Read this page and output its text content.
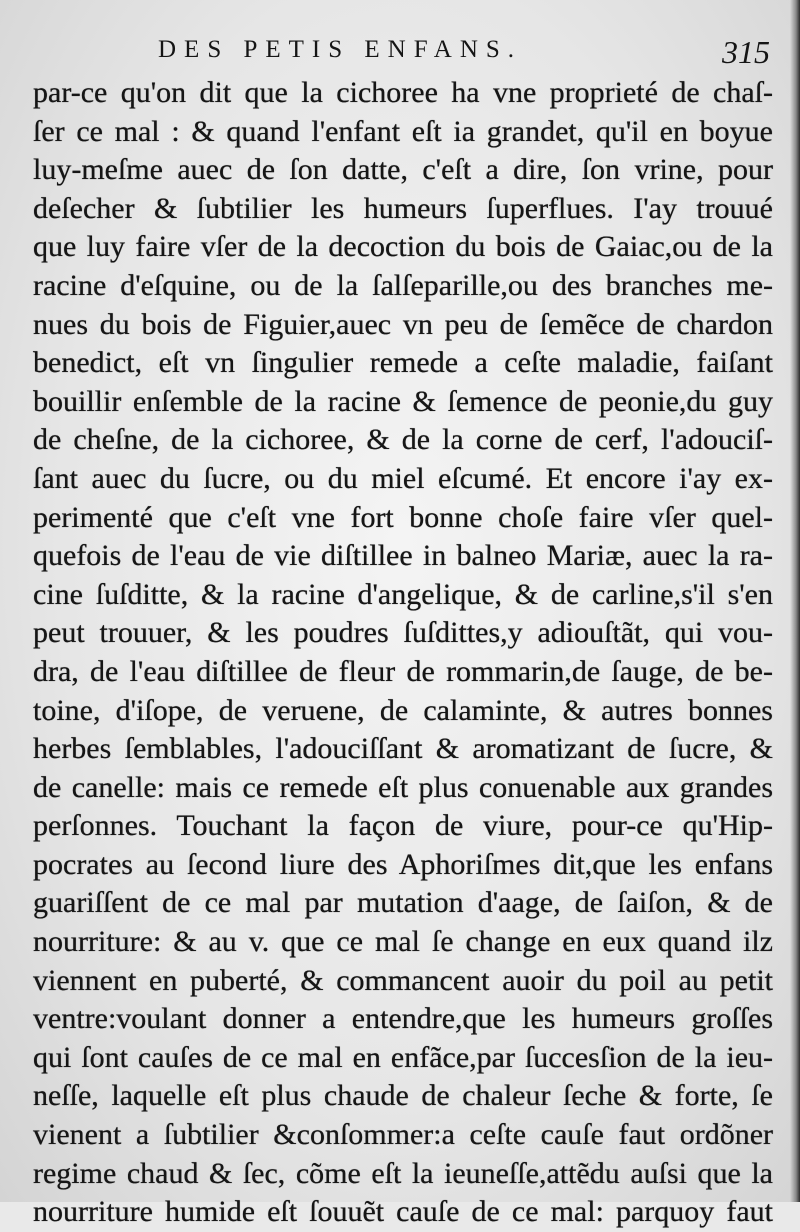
DES PETIS ENFANS.	315
par-ce qu'on dit que la cichoree ha vne proprieté de chaſ-
ſer ce mal : & quand l'enfant eſt ia grandet, qu'il en boyue
luy-meſme auec de ſon datte, c'eſt a dire, ſon vrine, pour
deſecher & ſubtilier les humeurs ſuperflues. I'ay trouué
que luy faire vſer de la decoction du bois de Gaiac,ou de la
racine d'eſquine, ou de la ſalſeparille,ou des branches me-
nues du bois de Figuier,auec vn peu de ſemẽce de chardon
benedict, eſt vn ſingulier remede a ceſte maladie, faiſant
bouillir enſemble de la racine & ſemence de peonie,du guy
de cheſne, de la cichoree, & de la corne de cerf, l'adouciſ-
ſant auec du ſucre, ou du miel eſcumé. Et encore i'ay ex-
perimenté que c'eſt vne fort bonne choſe faire vſer quel-
quefois de l'eau de vie diſtillee in balneo Mariæ, auec la ra-
cine ſuſditte, & la racine d'angelique, & de carline,s'il s'en
peut trouuer, & les poudres ſuſdittes,y adiouſtãt, qui vou-
dra, de l'eau diſtillee de fleur de rommarin,de ſauge, de be-
toine, d'iſope, de veruene, de calaminte, & autres bonnes
herbes ſemblables, l'adouciſſant & aromatizant de ſucre, &
de canelle: mais ce remede eſt plus conuenable aux grandes
perſonnes. Touchant la façon de viure, pour-ce qu'Hip-
pocrates au ſecond liure des Aphoriſmes dit,que les enfans
guariſſent de ce mal par mutation d'aage, de ſaiſon, & de
nourriture: & au v. que ce mal ſe change en eux quand ilz
viennent en puberté, & commancent auoir du poil au petit
ventre:voulant donner a entendre,que les humeurs groſſes
qui ſont cauſes de ce mal en enfãce,par ſuccesſion de la ieu-
neſſe, laquelle eſt plus chaude de chaleur ſeche & forte, ſe
vienent a ſubtilier &conſommer:a ceſte cauſe faut ordõner
regime chaud & ſec, cõme eſt la ieuneſſe,attẽdu auſsi que la
nourriture humide eſt ſouuẽt cauſe de ce mal: parquoy faut
